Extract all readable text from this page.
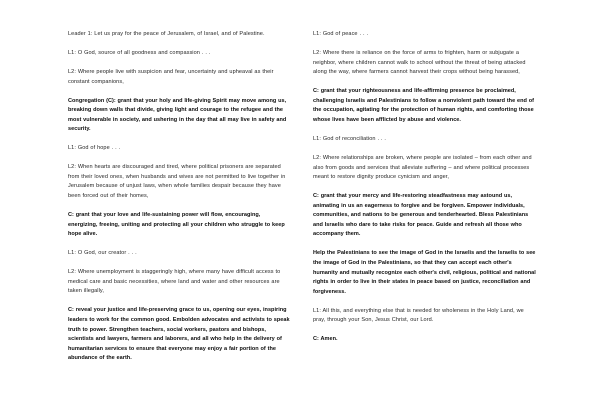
Leader 1: Let us pray for the peace of Jerusalem, of Israel, and of Palestine.

L1: O God, source of all goodness and compassion . . .

L2: Where people live with suspicion and fear, uncertainty and upheaval as their constant companions,

Congregation (C): grant that your holy and life-giving Spirit may move among us, breaking down walls that divide, giving light and courage to the refugee and the most vulnerable in society, and ushering in the day that all may live in safety and security.

L1: God of hope . . .

L2: When hearts are discouraged and tired, where political prisoners are separated from their loved ones, when husbands and wives are not permitted to live together in Jerusalem because of unjust laws, when whole families despair because they have been forced out of their homes,

C: grant that your love and life-sustaining power will flow, encouraging, energizing, freeing, uniting and protecting all your children who struggle to keep hope alive.

L1: O God, our creator . . .

L2: Where unemployment is staggeringly high, where many have difficult access to medical care and basic necessities, where land and water and other resources are taken illegally,

C: reveal your justice and life-preserving grace to us, opening our eyes, inspiring leaders to work for the common good. Embolden advocates and activists to speak truth to power. Strengthen teachers, social workers, pastors and bishops, scientists and lawyers, farmers and laborers, and all who help in the delivery of humanitarian services to ensure that everyone may enjoy a fair portion of the abundance of the earth.

L1: God of peace . . .

L2: Where there is reliance on the force of arms to frighten, harm or subjugate a neighbor, where children cannot walk to school without the threat of being attacked along the way, where farmers cannot harvest their crops without being harassed,

C: grant that your righteousness and life-affirming presence be proclaimed, challenging Israelis and Palestinians to follow a nonviolent path toward the end of the occupation, agitating for the protection of human rights, and comforting those whose lives have been afflicted by abuse and violence.

L1: God of reconciliation . . .

L2: Where relationships are broken, where people are isolated – from each other and also from goods and services that alleviate suffering – and where political processes meant to restore dignity produce cynicism and anger,

C: grant that your mercy and life-restoring steadfastness may astound us, animating in us an eagerness to forgive and be forgiven. Empower individuals, communities, and nations to be generous and tenderhearted. Bless Palestinians and Israelis who dare to take risks for peace. Guide and refresh all those who accompany them.

Help the Palestinians to see the image of God in the Israelis and the Israelis to see the image of God in the Palestinians, so that they can accept each other's humanity and mutually recognize each other's civil, religious, political and national rights in order to live in their states in peace based on justice, reconciliation and forgiveness.

L1: All this, and everything else that is needed for wholeness in the Holy Land, we pray, through your Son, Jesus Christ, our Lord.

C: Amen.
